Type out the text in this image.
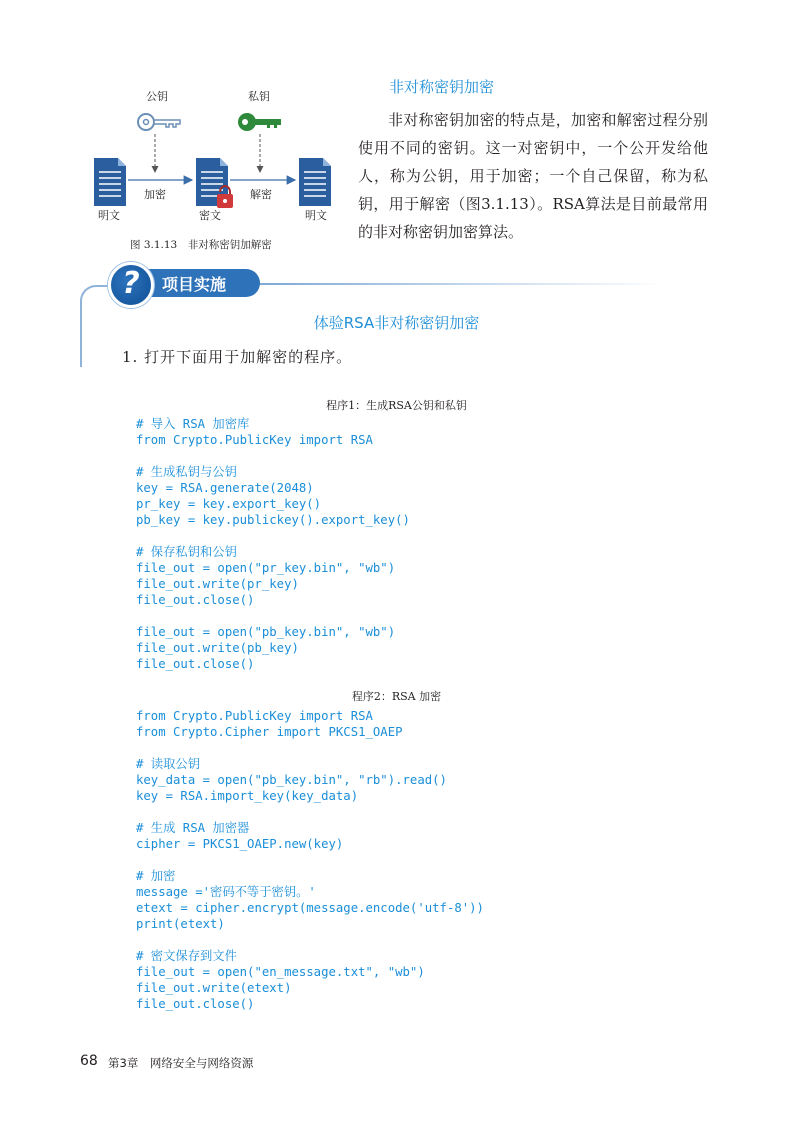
公钥	私钥
加密	解密
明文	密文	明文
图 3.1.13　非对称密钥加解密
非对称密钥加密
非对称密钥加密的特点是，加密和解密过程分别使用不同的密钥。这一对密钥中，一个公开发给他人，称为公钥，用于加密；一个自己保留，称为私钥，用于解密（图3.1.13）。RSA算法是目前最常用的非对称密钥加密算法。
?	项目实施
体验RSA非对称密钥加密
1. 打开下面用于加解密的程序。
程序1：生成RSA公钥和私钥
# 导入 RSA 加密库
from Crypto.PublicKey import RSA
# 生成私钥与公钥
key = RSA.generate(2048)
pr_key = key.export_key()
pb_key = key.publickey().export_key()
# 保存私钥和公钥
file_out = open("pr_key.bin", "wb")
file_out.write(pr_key)
file_out.close()
file_out = open("pb_key.bin", "wb")
file_out.write(pb_key)
file_out.close()
程序2：RSA 加密
from Crypto.PublicKey import RSA
from Crypto.Cipher import PKCS1_OAEP
# 读取公钥
key_data = open("pb_key.bin", "rb").read()
key = RSA.import_key(key_data)
# 生成 RSA 加密器
cipher = PKCS1_OAEP.new(key)
# 加密
message ='密码不等于密钥。'
etext = cipher.encrypt(message.encode('utf-8'))
print(etext)
# 密文保存到文件
file_out = open("en_message.txt", "wb")
file_out.write(etext)
file_out.close()
68 第3章　网络安全与网络资源
